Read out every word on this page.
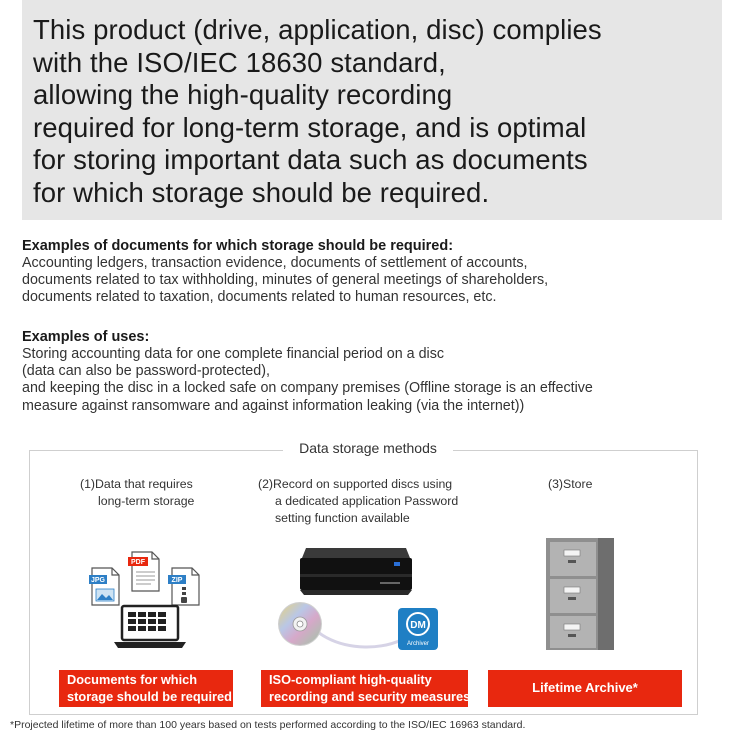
This product (drive, application, disc) complies
with the ISO/IEC 18630 standard,
allowing the high-quality recording
required for long-term storage, and is optimal
for storing important data such as documents
for which storage should be required.
Examples of documents for which storage should be required:
Accounting ledgers, transaction evidence, documents of settlement of accounts,
documents related to tax withholding, minutes of general meetings of shareholders,
documents related to taxation, documents related to human resources, etc.
Examples of uses:
Storing accounting data for one complete financial period on a disc
(data can also be password-protected),
and keeping the disc in a locked safe on company premises (Offline storage is an effective
measure against ransomware and against information leaking (via the internet))
Data storage methods
(1)Data that requires
long-term storage
(2)Record on supported discs using
a dedicated application Password
setting function available
(3)Store
JPG
PDF
ZIP
DM
Archiver
Documents for which
storage should be required
ISO-compliant high-quality
recording and security measures
Lifetime Archive*
*Projected lifetime of more than 100 years based on tests performed according to the ISO/IEC 16963 standard.
